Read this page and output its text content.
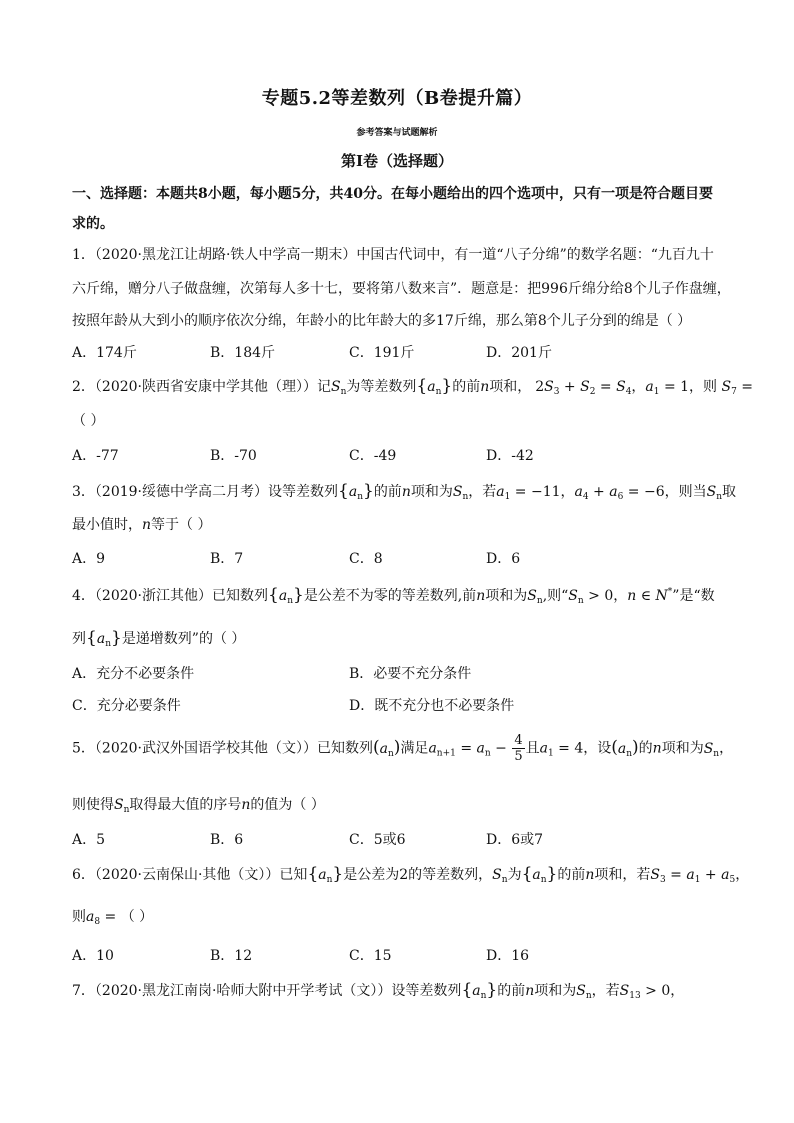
专题5.2等差数列（B卷提升篇）
参考答案与试题解析
第Ⅰ卷（选择题）
一、选择题：本题共8小题，每小题5分，共40分。在每小题给出的四个选项中，只有一项是符合题目要
求的。
1．（2020·黑龙江让胡路·铁人中学高一期末）中国古代词中，有一道“八子分绵”的数学名题：“九百九十
六斤绵，赠分八子做盘缠，次第每人多十七，要将第八数来言”．题意是：把996斤绵分给8个儿子作盘缠，
按照年龄从大到小的顺序依次分绵，年龄小的比年龄大的多17斤绵，那么第8个儿子分到的绵是（ ）
A．174斤	B．184斤	C．191斤	D．201斤
2．（2020·陕西省安康中学其他（理））记$S_n$为等差数列$\{a_n\}$的前n项和， $2S_3 + S_2 = S_4$，$a_1 = 1$，则 $S_7$ =
（ ）
A．-77	B．-70	C．-49	D．-42
3．（2019·绥德中学高二月考）设等差数列$\{a_n\}$的前n项和为$S_n$，若$a_1 = -11$，$a_4 + a_6 = -6$，则当$S_n$取
最小值时，n等于（ ）
A．9	B．7	C．8	D．6
4．（2020·浙江其他）已知数列$\{a_n\}$是公差不为零的等差数列,前n项和为$S_n$,则“$S_n > 0$，n ∈ N*”是“数
列$\{a_n\}$是递增数列”的（ ）
A．充分不必要条件	B．必要不充分条件
C．充分必要条件	D．既不充分也不必要条件
5．（2020·武汉外国语学校其他（文））已知数列$(a_n)$满足$a_{n+1} = a_n - \frac{4}{5}$ 且$a_1 = 4$，设$(a_n)$的n项和为$S_n$，
则使得$S_n$取得最大值的序号n的值为（ ）
A．5	B．6	C．5或6	D．6或7
6．（2020·云南保山·其他（文））已知$\{a_n\}$是公差为2的等差数列，$S_n$为$\{a_n\}$的前n项和，若$S_3 = a_1 + a_5$，
则$a_8$ = （ ）
A．10	B．12	C．15	D．16
7．（2020·黑龙江南岗·哈师大附中开学考试（文））设等差数列$\{a_n\}$的前n项和为$S_n$，若$S_{13} > 0$，
